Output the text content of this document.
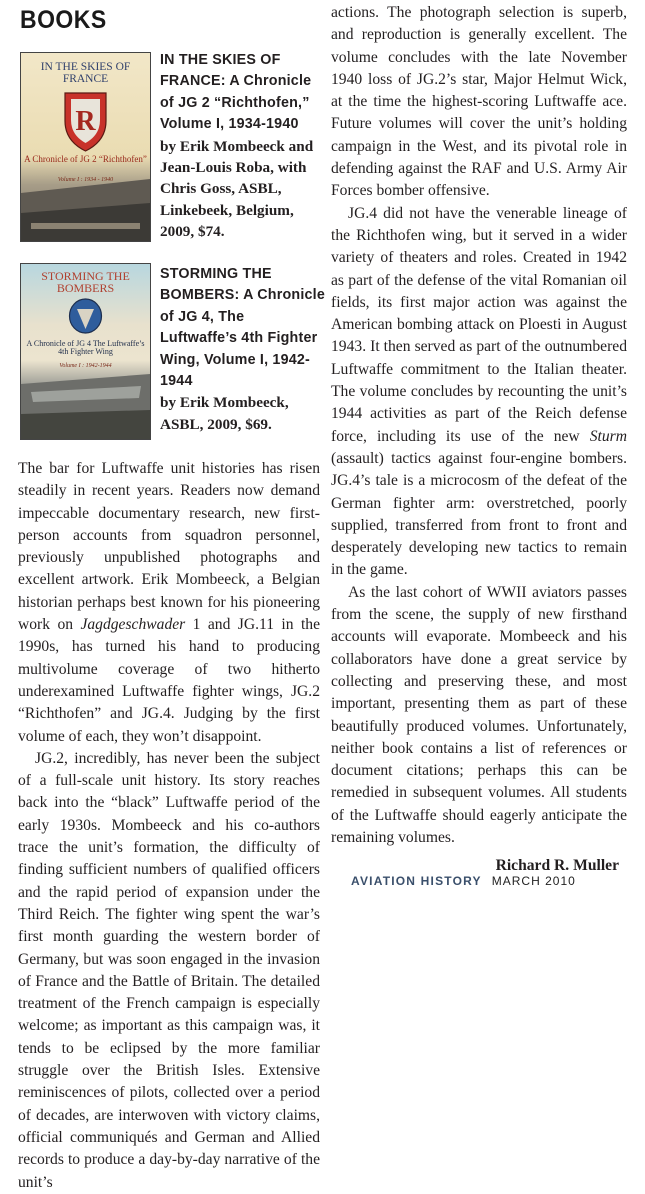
BOOKS
IN THE SKIES OF FRANCE
R
A Chronicle of JG 2 “Richthofen”
Volume I : 1934 - 1940
IN THE SKIES OF FRANCE: A Chronicle of JG 2 “Richthofen,” Volume I, 1934-1940
by Erik Mombeeck and Jean-Louis Roba, with Chris Goss, ASBL, Linkebeek, Belgium, 2009, $74.
STORMING THE BOMBERS
A Chronicle of JG 4 The Luftwaffe’s 4th Fighter Wing
Volume I : 1942-1944
STORMING THE BOMBERS: A Chronicle of JG 4, The Luftwaffe’s 4th Fighter Wing, Volume I, 1942-1944
by Erik Mombeeck, ASBL, 2009, $69.

The bar for Luftwaffe unit histories has risen steadily in recent years. Readers now demand impeccable documentary research, new first-person accounts from squadron personnel, previously unpublished photographs and excellent artwork. Erik Mombeeck, a Belgian historian perhaps best known for his pioneering work on Jagdgeschwader 1 and JG.11 in the 1990s, has turned his hand to producing multivolume coverage of two hitherto underexamined Luftwaffe fighter wings, JG.2 “Richthofen” and JG.4. Judging by the first volume of each, they won’t disappoint.

JG.2, incredibly, has never been the subject of a full-scale unit history. Its story reaches back into the “black” Luftwaffe period of the early 1930s. Mombeeck and his co-authors trace the unit’s formation, the difficulty of finding sufficient numbers of qualified officers and the rapid period of expansion under the Third Reich. The fighter wing spent the war’s first month guarding the western border of Germany, but was soon engaged in the invasion of France and the Battle of Britain. The detailed treatment of the French campaign is especially welcome; as important as this campaign was, it tends to be eclipsed by the more familiar struggle over the British Isles. Extensive reminiscences of pilots, collected over a period of decades, are interwoven with victory claims, official communiqués and German and Allied records to produce a day-by-day narrative of the unit’s

actions. The photograph selection is superb, and reproduction is generally excellent. The volume concludes with the late November 1940 loss of JG.2’s star, Major Helmut Wick, at the time the highest-scoring Luftwaffe ace. Future volumes will cover the unit’s holding campaign in the West, and its pivotal role in defending against the RAF and U.S. Army Air Forces bomber offensive.

JG.4 did not have the venerable lineage of the Richthofen wing, but it served in a wider variety of theaters and roles. Created in 1942 as part of the defense of the vital Romanian oil fields, its first major action was against the American bombing attack on Ploesti in August 1943. It then served as part of the outnumbered Luftwaffe commitment to the Italian theater. The volume concludes by recounting the unit’s 1944 activities as part of the Reich defense force, including its use of the new Sturm (assault) tactics against four-engine bombers. JG.4’s tale is a microcosm of the defeat of the German fighter arm: overstretched, poorly supplied, transferred from front to front and desperately developing new tactics to remain in the game.

As the last cohort of WWII aviators passes from the scene, the supply of new firsthand accounts will evaporate. Mombeeck and his collaborators have done a great service by collecting and preserving these, and most important, presenting them as part of these beautifully produced volumes. Unfortunately, neither book contains a list of references or document citations; perhaps this can be remedied in subsequent volumes. All students of the Luftwaffe should eagerly anticipate the remaining volumes.

Richard R. Muller
AVIATION HISTORY MARCH 2010
